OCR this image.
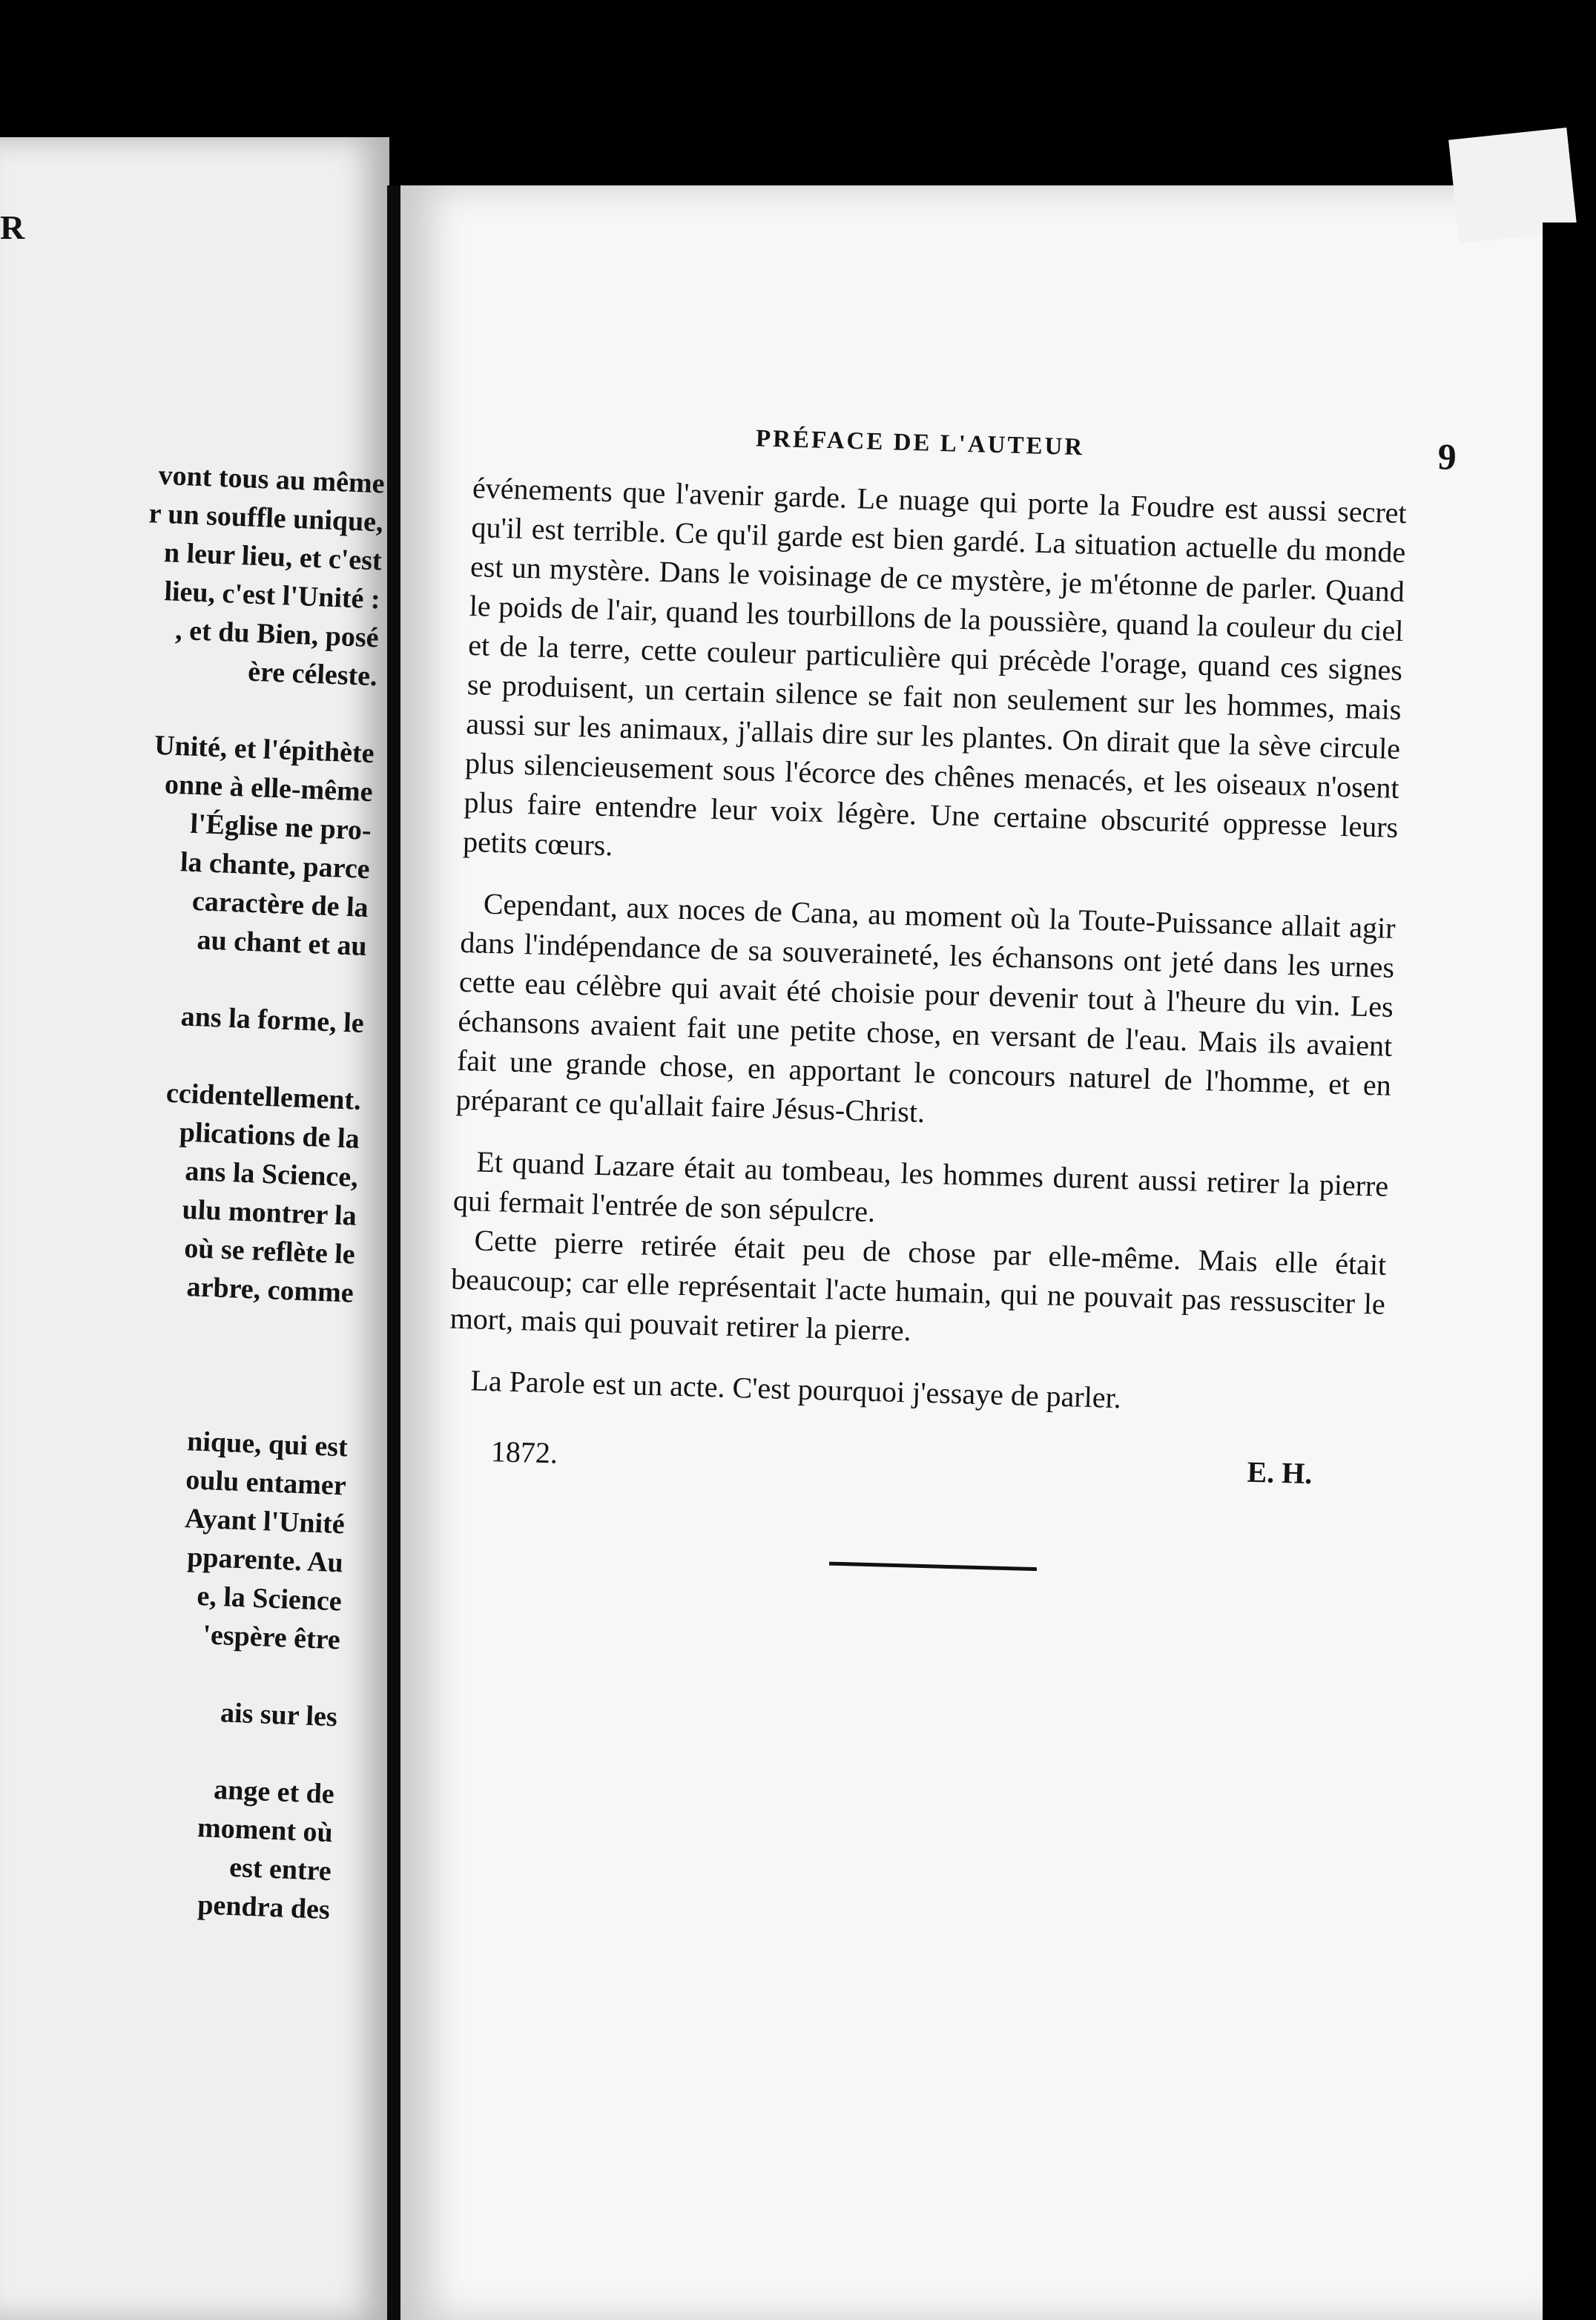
R
vont tous au même
r un souffle unique,
n leur lieu, et c'est
lieu, c'est l'Unité :
, et du Bien, posé
ère céleste.
Unité, et l'épithète
onne à elle-même
l'Église ne pro-
la chante, parce
caractère de la
au chant et au
ans la forme, le
ccidentellement.
plications de la
ans la Science,
ulu montrer la
où se reflète le
arbre, comme
nique, qui est
oulu entamer
Ayant l'Unité
pparente. Au
e, la Science
'espère être
ais sur les
ange et de
moment où
est entre
pendra des
PRÉFACE DE L'AUTEUR	9

événements que l'avenir garde. Le nuage qui porte la Foudre est aussi secret qu'il est terrible. Ce qu'il garde est bien gardé. La situation actuelle du monde est un mystère. Dans le voisinage de ce mystère, je m'étonne de parler. Quand le poids de l'air, quand les tourbillons de la poussière, quand la couleur du ciel et de la terre, cette couleur particulière qui précède l'orage, quand ces signes se produisent, un certain silence se fait non seulement sur les hommes, mais aussi sur les animaux, j'allais dire sur les plantes. On dirait que la sève circule plus silencieusement sous l'écorce des chênes menacés, et les oiseaux n'osent plus faire entendre leur voix légère. Une certaine obscurité oppresse leurs petits cœurs.

Cependant, aux noces de Cana, au moment où la Toute-Puissance allait agir dans l'indépendance de sa souveraineté, les échansons ont jeté dans les urnes cette eau célèbre qui avait été choisie pour devenir tout à l'heure du vin. Les échansons avaient fait une petite chose, en versant de l'eau. Mais ils avaient fait une grande chose, en apportant le concours naturel de l'homme, et en préparant ce qu'allait faire Jésus-Christ.

Et quand Lazare était au tombeau, les hommes durent aussi retirer la pierre qui fermait l'entrée de son sépulcre.

Cette pierre retirée était peu de chose par elle-même. Mais elle était beaucoup; car elle représentait l'acte humain, qui ne pouvait pas ressusciter le mort, mais qui pouvait retirer la pierre.

La Parole est un acte. C'est pourquoi j'essaye de parler.

1872.
E. H.
